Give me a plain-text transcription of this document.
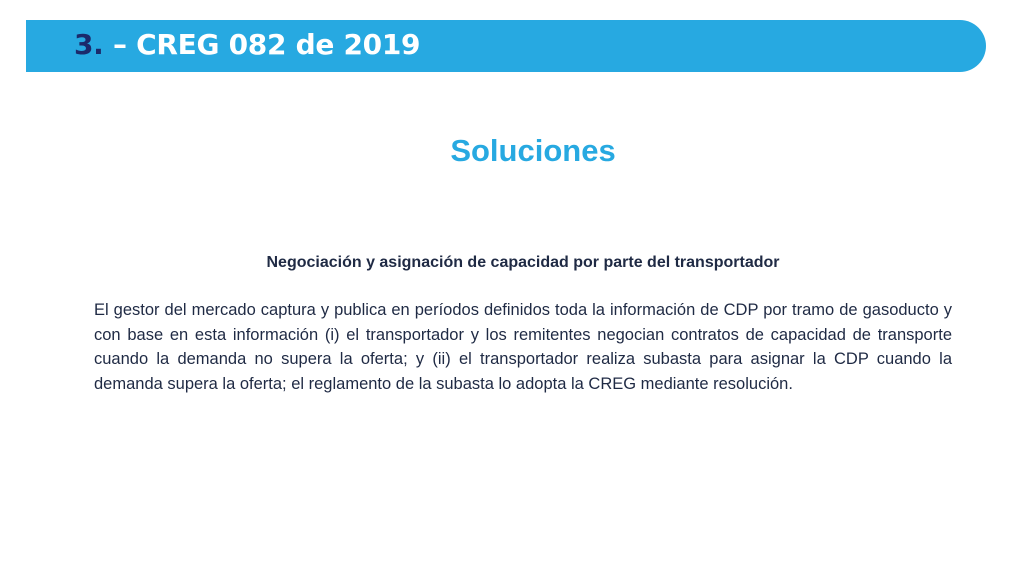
3. – CREG 082 de 2019
Soluciones
Negociación y asignación de capacidad por parte del transportador
El gestor del mercado captura y publica en períodos definidos toda la información de CDP por tramo de gasoducto y con base en esta información (i) el transportador y los remitentes negocian contratos de capacidad de transporte cuando la demanda no supera la oferta; y (ii) el transportador realiza subasta para asignar la CDP cuando la demanda supera la oferta; el reglamento de la subasta lo adopta la CREG mediante resolución.
